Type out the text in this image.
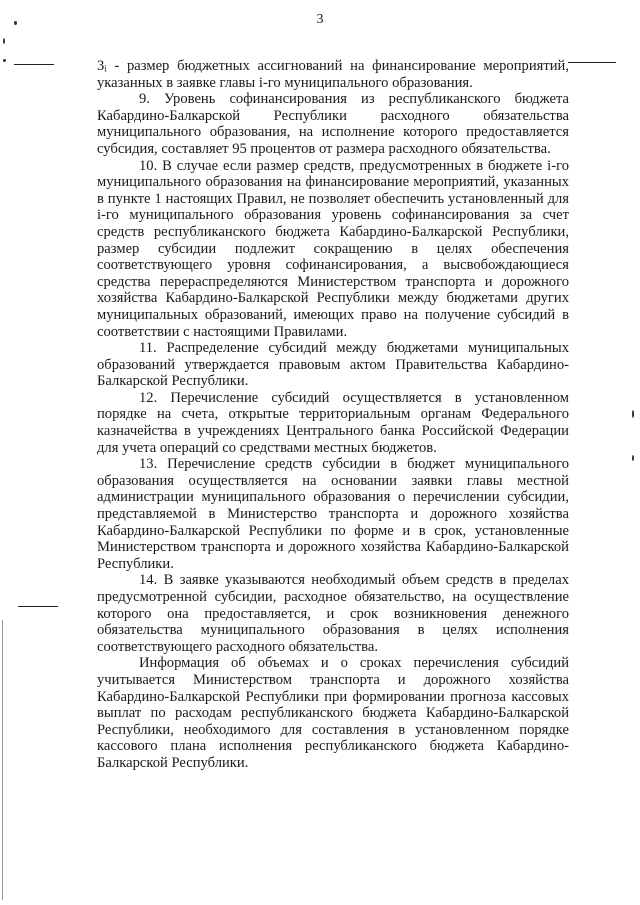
3

3ᵢ - размер бюджетных ассигнований на финансирование мероприятий, указанных в заявке главы i-го муниципального образования.

9. Уровень софинансирования из республиканского бюджета Кабардино-Балкарской Республики расходного обязательства муниципального образования, на исполнение которого предоставляется субсидия, составляет 95 процентов от размера расходного обязательства.

10. В случае если размер средств, предусмотренных в бюджете i-го муниципального образования на финансирование мероприятий, указанных в пункте 1 настоящих Правил, не позволяет обеспечить установленный для i-го муниципального образования уровень софинансирования за счет средств республиканского бюджета Кабардино-Балкарской Республики, размер субсидии подлежит сокращению в целях обеспечения соответствующего уровня софинансирования, а высвобождающиеся средства перераспределяются Министерством транспорта и дорожного хозяйства Кабардино-Балкарской Республики между бюджетами других муниципальных образований, имеющих право на получение субсидий в соответствии с настоящими Правилами.

11. Распределение субсидий между бюджетами муниципальных образований утверждается правовым актом Правительства Кабардино-Балкарской Республики.

12. Перечисление субсидий осуществляется в установленном порядке на счета, открытые территориальным органам Федерального казначейства в учреждениях Центрального банка Российской Федерации для учета операций со средствами местных бюджетов.

13. Перечисление средств субсидии в бюджет муниципального образования осуществляется на основании заявки главы местной администрации муниципального образования о перечислении субсидии, представляемой в Министерство транспорта и дорожного хозяйства Кабардино-Балкарской Республики по форме и в срок, установленные Министерством транспорта и дорожного хозяйства Кабардино-Балкарской Республики.

14. В заявке указываются необходимый объем средств в пределах предусмотренной субсидии, расходное обязательство, на осуществление которого она предоставляется, и срок возникновения денежного обязательства муниципального образования в целях исполнения соответствующего расходного обязательства.

Информация об объемах и о сроках перечисления субсидий учитывается Министерством транспорта и дорожного хозяйства Кабардино-Балкарской Республики при формировании прогноза кассовых выплат по расходам республиканского бюджета Кабардино-Балкарской Республики, необходимого для составления в установленном порядке кассового плана исполнения республиканского бюджета Кабардино-Балкарской Республики.
